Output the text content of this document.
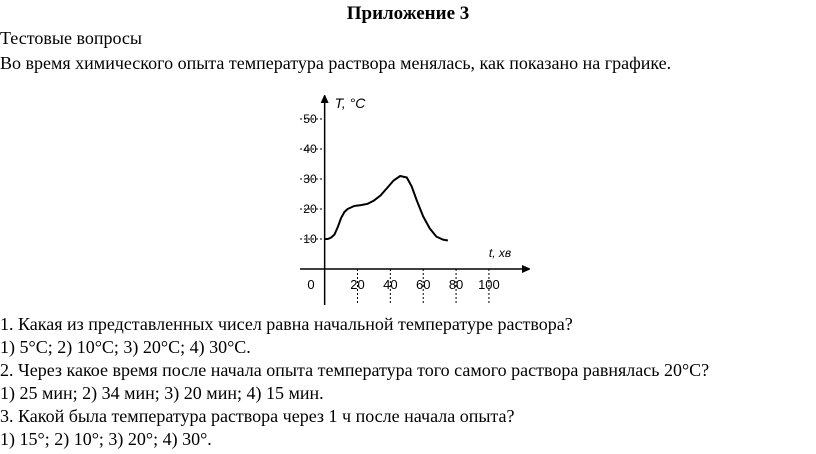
Приложение 3
Тестовые вопросы
Во время химического опыта температура раствора менялась, как показано на графике.
10
20
30
40
50
20 40 60 80 100
0
T, °C
t, хв
1. Какая из представленных чисел равна начальной температуре раствора?
1) 5°C; 2) 10°C; 3) 20°C; 4) 30°C.
2. Через какое время после начала опыта температура того самого раствора равнялась 20°C?
1) 25 мин; 2) 34 мин; 3) 20 мин; 4) 15 мин.
3. Какой была температура раствора через 1 ч после начала опыта?
1) 15°; 2) 10°; 3) 20°; 4) 30°.
